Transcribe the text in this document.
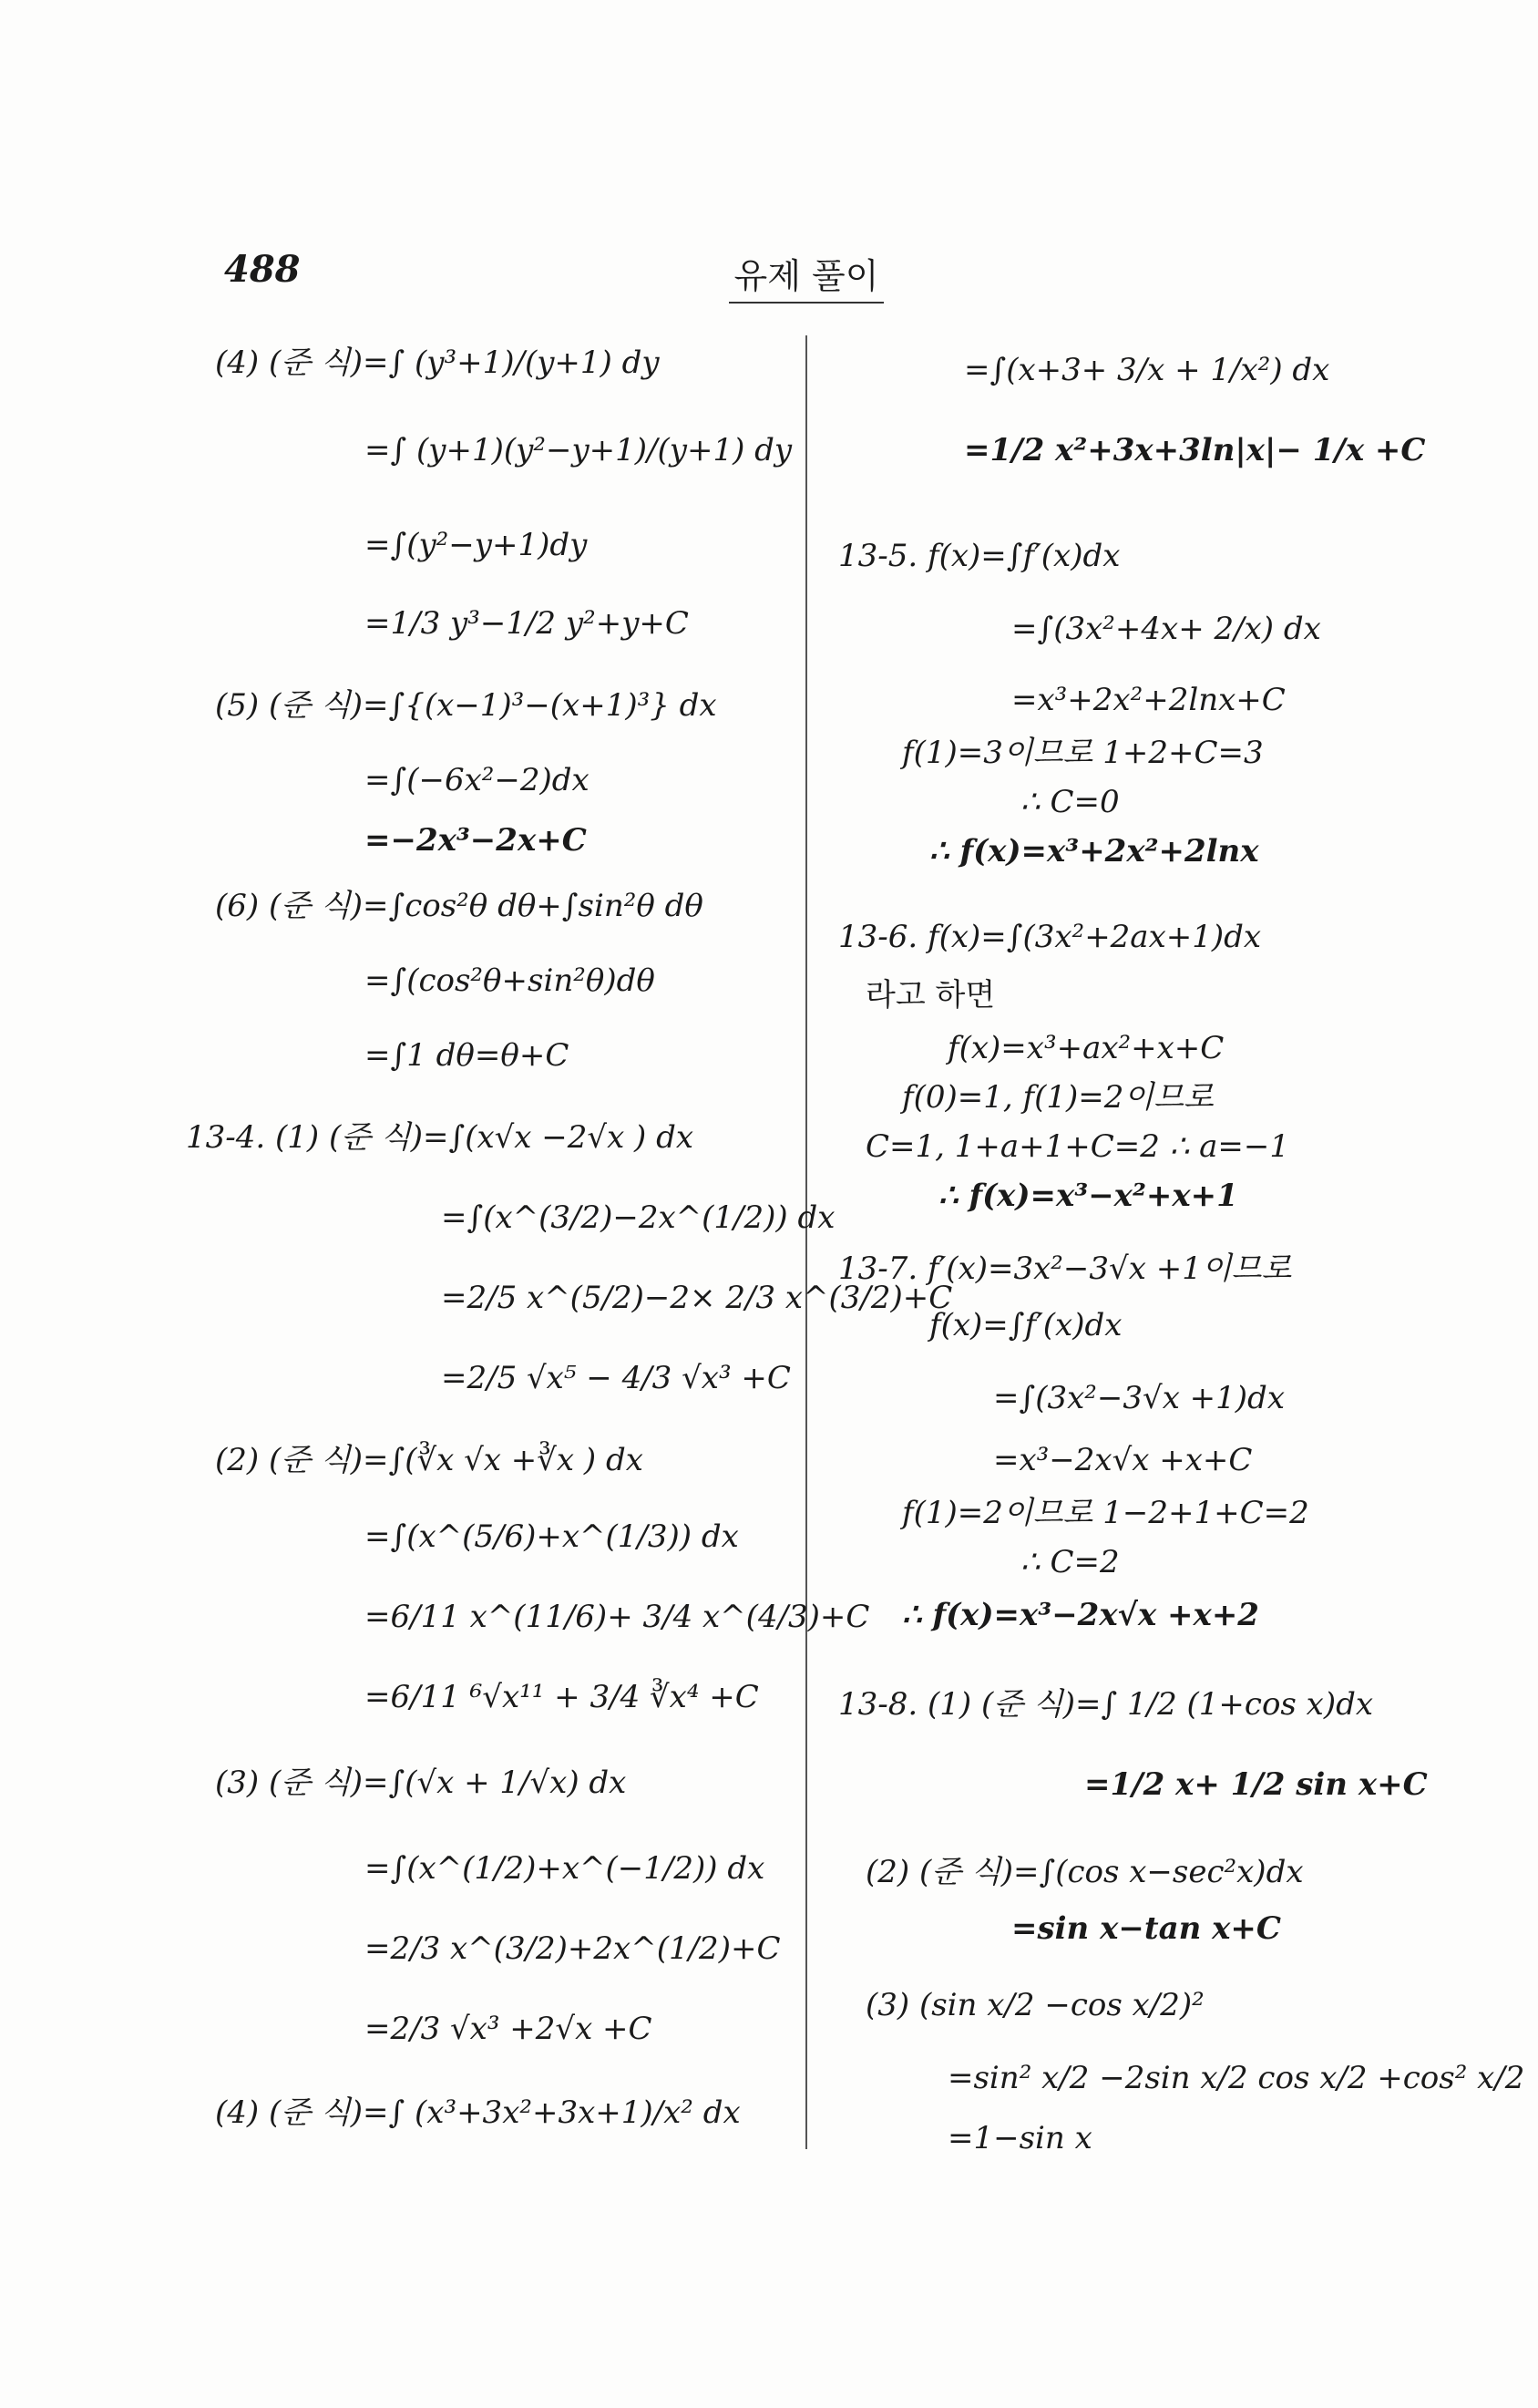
488	유제 풀이
(4) (준 식)=∫ (y³+1)/(y+1) dy
=∫ (y+1)(y²−y+1)/(y+1) dy
=∫(y²−y+1)dy
=1/3 y³−1/2 y²+y+C
(5) (준 식)=∫{(x−1)³−(x+1)³} dx
=∫(−6x²−2)dx
=−2x³−2x+C
(6) (준 식)=∫cos²θ dθ+∫sin²θ dθ
=∫(cos²θ+sin²θ)dθ
=∫1 dθ=θ+C
13-4. (1) (준 식)=∫(x√x −2√x ) dx
=∫(x^(3/2)−2x^(1/2)) dx
=2/5 x^(5/2)−2× 2/3 x^(3/2)+C
=2/5 √x⁵ − 4/3 √x³ +C
(2) (준 식)=∫(∛x √x +∛x ) dx
=∫(x^(5/6)+x^(1/3)) dx
=6/11 x^(11/6)+ 3/4 x^(4/3)+C
=6/11 ⁶√x¹¹ + 3/4 ∛x⁴ +C
(3) (준 식)=∫(√x + 1/√x) dx
=∫(x^(1/2)+x^(−1/2)) dx
=2/3 x^(3/2)+2x^(1/2)+C
=2/3 √x³ +2√x +C
(4) (준 식)=∫ (x³+3x²+3x+1)/x² dx
=∫(x+3+ 3/x + 1/x²) dx
=1/2 x²+3x+3ln|x|− 1/x +C
13-5. f(x)=∫f′(x)dx
=∫(3x²+4x+ 2/x) dx
=x³+2x²+2lnx+C
f(1)=3이므로 1+2+C=3
∴ C=0
∴ f(x)=x³+2x²+2lnx
13-6. f(x)=∫(3x²+2ax+1)dx
라고 하면
f(x)=x³+ax²+x+C
f(0)=1, f(1)=2이므로
C=1, 1+a+1+C=2 ∴ a=−1
∴ f(x)=x³−x²+x+1
13-7. f′(x)=3x²−3√x +1이므로
f(x)=∫f′(x)dx
=∫(3x²−3√x +1)dx
=x³−2x√x +x+C
f(1)=2이므로 1−2+1+C=2
∴ C=2
∴ f(x)=x³−2x√x +x+2
13-8. (1) (준 식)=∫ 1/2 (1+cos x)dx
=1/2 x+ 1/2 sin x+C
(2) (준 식)=∫(cos x−sec²x)dx
=sin x−tan x+C
(3) (sin x/2 −cos x/2)²
=sin² x/2 −2sin x/2 cos x/2 +cos² x/2
=1−sin x
